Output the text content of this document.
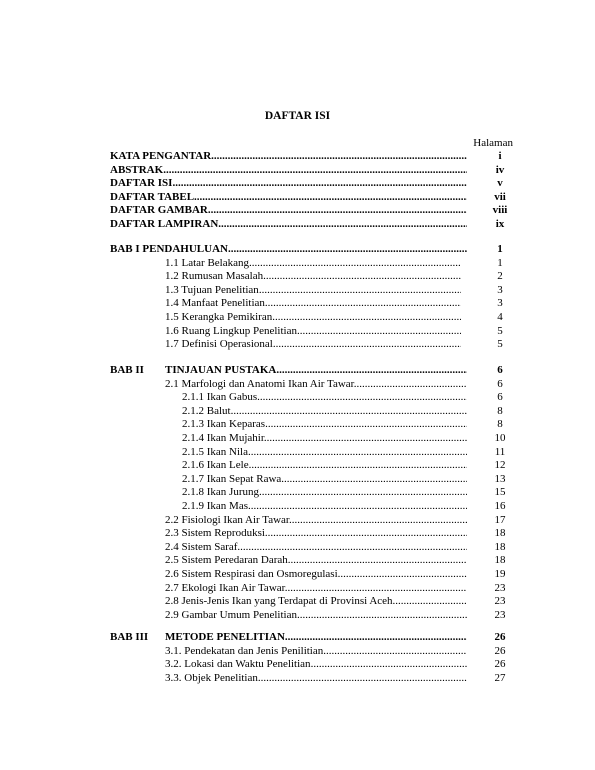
DAFTAR ISI
Halaman
KATA PENGANTAR .....	i
ABSTRAK .....	iv
DAFTAR ISI .....	v
DAFTAR TABEL .....	vii
DAFTAR GAMBAR .....	viii
DAFTAR LAMPIRAN .....	ix
BAB I PENDAHULUAN .....	1
1.1 Latar Belakang .....	1
1.2 Rumusan Masalah .....	2
1.3 Tujuan Penelitian .....	3
1.4 Manfaat Penelitian .....	3
1.5 Kerangka Pemikiran .....	4
1.6 Ruang Lingkup Penelitian .....	5
1.7 Definisi Operasional .....	5
BAB II TINJAUAN PUSTAKA .....	6
2.1 Marfologi dan Anatomi Ikan Air Tawar .....	6
2.1.1 Ikan Gabus .....	6
2.1.2 Balut .....	8
2.1.3 Ikan Keparas .....	8
2.1.4 Ikan Mujahir .....	10
2.1.5 Ikan Nila .....	11
2.1.6 Ikan Lele .....	12
2.1.7 Ikan Sepat Rawa .....	13
2.1.8 Ikan Jurung .....	15
2.1.9 Ikan Mas .....	16
2.2 Fisiologi Ikan Air Tawar .....	17
2.3 Sistem Reproduksi .....	18
2.4 Sistem Saraf .....	18
2.5 Sistem Peredaran Darah .....	18
2.6 Sistem Respirasi dan Osmoregulasi .....	19
2.7 Ekologi Ikan Air Tawar .....	23
2.8 Jenis-Jenis Ikan yang Terdapat di Provinsi Aceh .....	23
2.9 Gambar Umum Penelitian .....	23
BAB III METODE PENELITIAN .....	26
3.1. Pendekatan dan Jenis Penilitian .....	26
3.2. Lokasi dan Waktu Penelitian .....	26
3.3. Objek Penelitian .....	27
